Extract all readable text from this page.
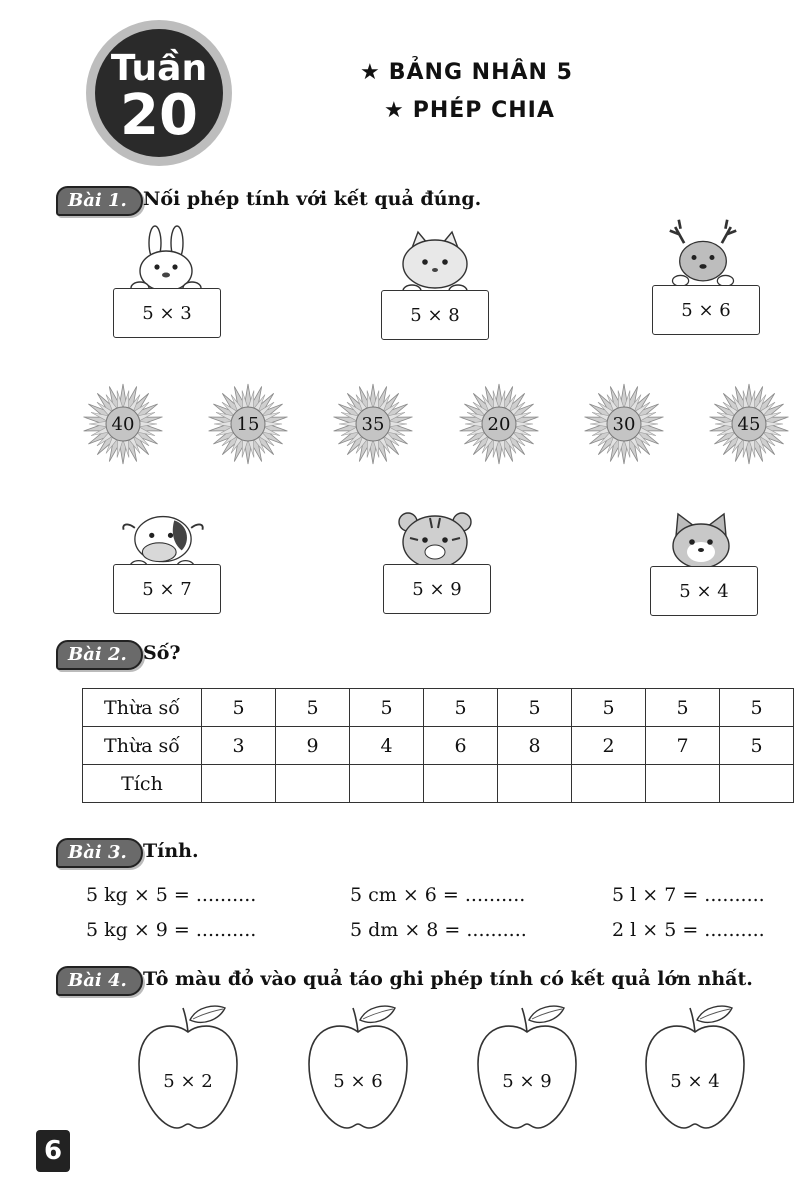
Tuần
20
★ BẢNG NHÂN 5
★ PHÉP CHIA
Bài 1. Nối phép tính với kết quả đúng.
5 × 3	5 × 8	5 × 6
40	15	35	20	30	45
5 × 7	5 × 9	5 × 4
Bài 2. Số?
Thừa số	5	5	5	5	5	5	5	5
Thừa số	3	9	4	6	8	2	7	5
Tích								
Bài 3. Tính.
5 kg × 5 = ..........	5 cm × 6 = ..........	5 l × 7 = ..........
5 kg × 9 = ..........	5 dm × 8 = ..........	2 l × 5 = ..........
Bài 4. Tô màu đỏ vào quả táo ghi phép tính có kết quả lớn nhất.
5 × 2	5 × 6	5 × 9	5 × 4
6
